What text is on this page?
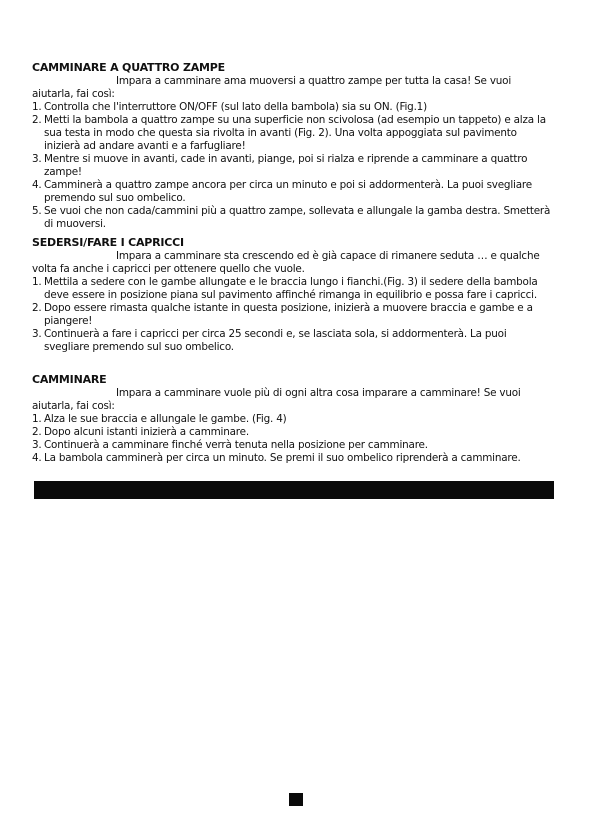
CAMMINARE A QUATTRO ZAMPE

Impara a camminare ama muoversi a quattro zampe per tutta la casa! Se vuoi aiutarla, fai così:

1. Controlla che l'interruttore ON/OFF (sul lato della bambola) sia su ON. (Fig.1)
2. Metti la bambola a quattro zampe su una superficie non scivolosa (ad esempio un tappeto) e alza la sua testa in modo che questa sia rivolta in avanti (Fig. 2). Una volta appoggiata sul pavimento inizierà ad andare avanti e a farfugliare!
3. Mentre si muove in avanti, cade in avanti, piange, poi si rialza e riprende a camminare a quattro zampe!
4. Camminerà a quattro zampe ancora per circa un minuto e poi si addormenterà. La puoi svegliare premendo sul suo ombelico.
5. Se vuoi che non cada/cammini più a quattro zampe, sollevata e allungale la gamba destra. Smetterà di muoversi.

SEDERSI/FARE I CAPRICCI

Impara a camminare sta crescendo ed è già capace di rimanere seduta … e qualche volta fa anche i capricci per ottenere quello che vuole.

1. Mettila a sedere con le gambe allungate e le braccia lungo i fianchi.(Fig. 3) il sedere della bambola deve essere in posizione piana sul pavimento affinché rimanga in equilibrio e possa fare i capricci.
2. Dopo essere rimasta qualche istante in questa posizione, inizierà a muovere braccia e gambe e a piangere!
3. Continuerà a fare i capricci per circa 25 secondi e, se lasciata sola, si addormenterà. La puoi svegliare premendo sul suo ombelico.

CAMMINARE

Impara a camminare vuole più di ogni altra cosa imparare a camminare! Se vuoi aiutarla, fai così:

1. Alza le sue braccia e allungale le gambe. (Fig. 4)
2. Dopo alcuni istanti inizierà a camminare.
3. Continuerà a camminare finché verrà tenuta nella posizione per camminare.
4. La bambola camminerà per circa un minuto. Se premi il suo ombelico riprenderà a camminare.
